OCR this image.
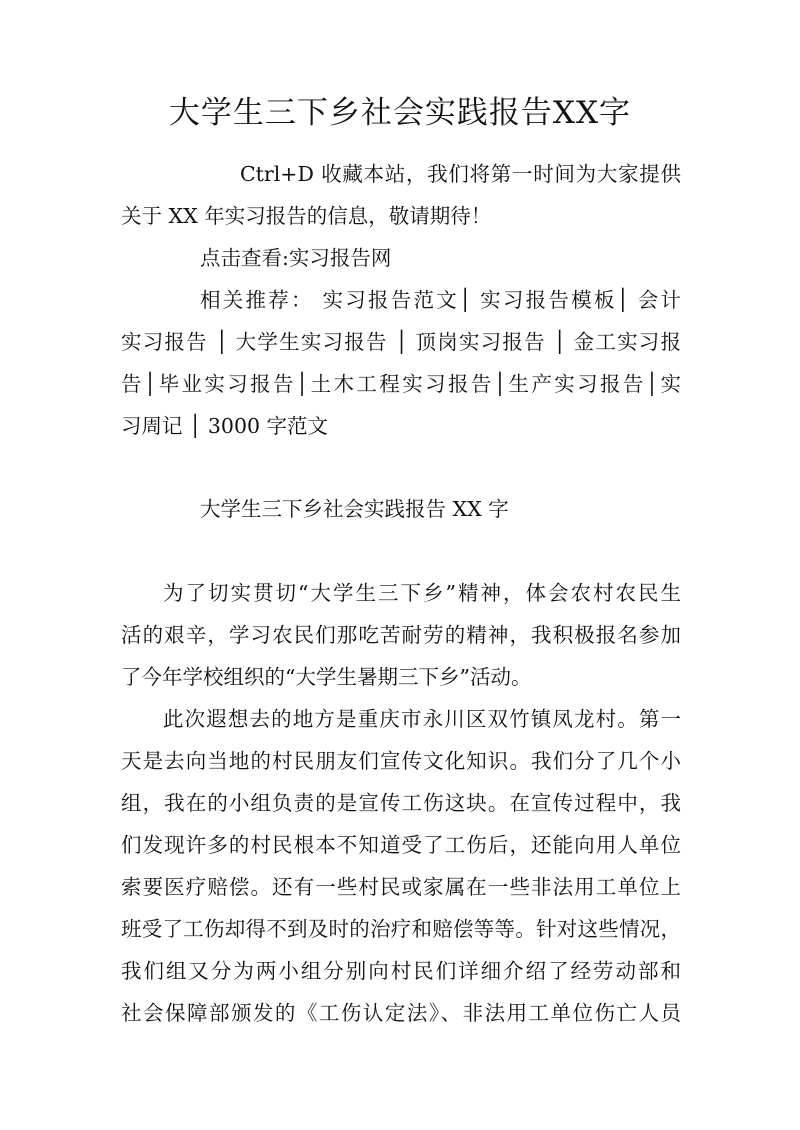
大学生三下乡社会实践报告XX字
Ctrl+D 收藏本站，我们将第一时间为大家提供
关于 XX 年实习报告的信息，敬请期待！
点击查看:实习报告网
相关推荐： 实习报告范文│ 实习报告模板│ 会计
实习报告 │ 大学生实习报告 │ 顶岗实习报告 │ 金工实习报
告│毕业实习报告│土木工程实习报告│生产实习报告│实
习周记 │ 3000 字范文
大学生三下乡社会实践报告 XX 字
为了切实贯切“大学生三下乡”精神，体会农村农民生
活的艰辛，学习农民们那吃苦耐劳的精神，我积极报名参加
了今年学校组织的“大学生暑期三下乡”活动。
此次遐想去的地方是重庆市永川区双竹镇凤龙村。第一
天是去向当地的村民朋友们宣传文化知识。我们分了几个小
组，我在的小组负责的是宣传工伤这块。在宣传过程中，我
们发现许多的村民根本不知道受了工伤后，还能向用人单位
索要医疗赔偿。还有一些村民或家属在一些非法用工单位上
班受了工伤却得不到及时的治疗和赔偿等等。针对这些情况，
我们组又分为两小组分别向村民们详细介绍了经劳动部和
社会保障部颁发的《工伤认定法》、非法用工单位伤亡人员
